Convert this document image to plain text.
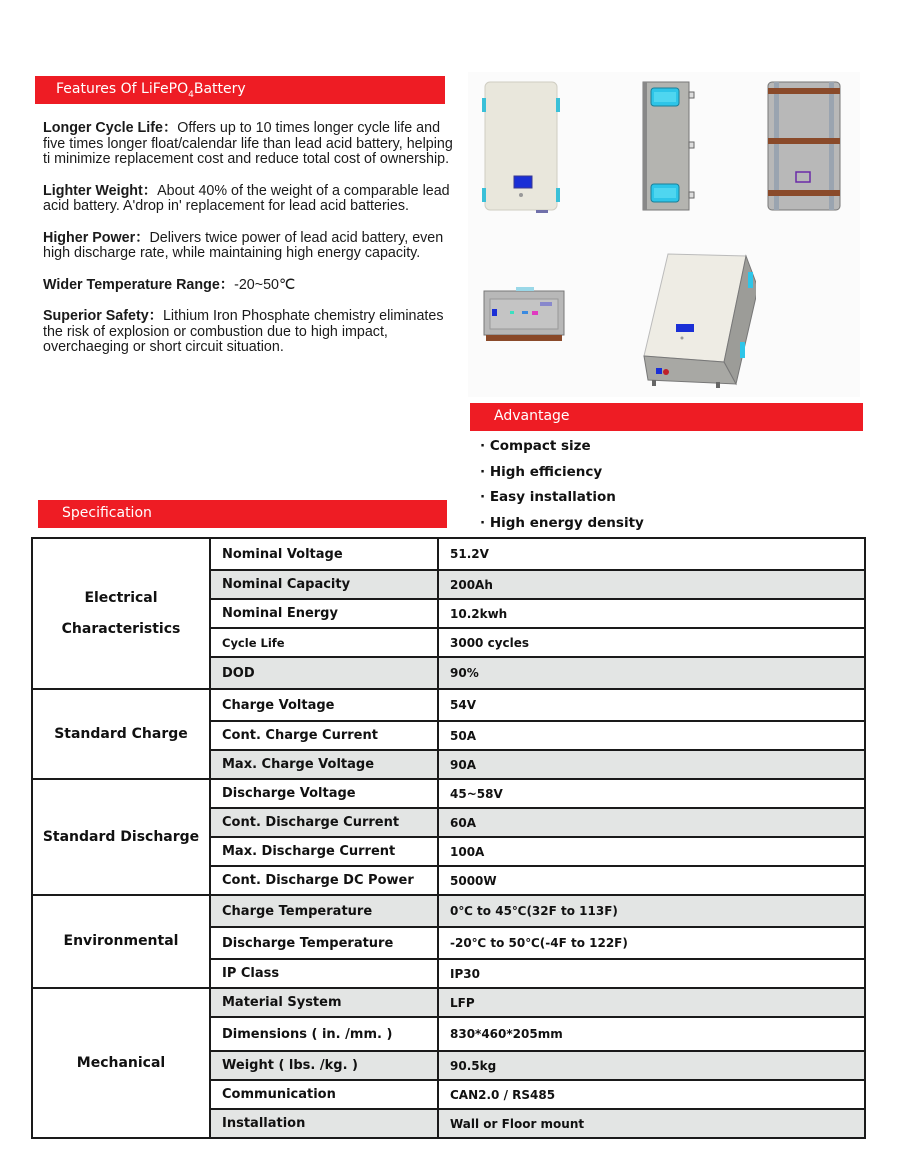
Features Of LiFePO$_4$Battery
Longer Cycle Life：Offers up to 10 times longer cycle life and five times longer float/calendar life than lead acid battery, helping ti minimize replacement cost and reduce total cost of ownership.
Lighter Weight：About 40% of the weight of a comparable lead acid battery. A'drop in' replacement for lead acid batteries.
Higher Power：Delivers twice power of lead acid battery, even high discharge rate, while maintaining high energy capacity.
Wider Temperature Range：-20~50℃
Superior Safety：Lithium Iron Phosphate chemistry eliminates the risk of explosion or combustion due to high impact, overchaeging or short circuit situation.
Advantage
· Compact size
· High efficiency
· Easy installation
· High energy density
Specification
Electrical
Characteristics	Nominal Voltage	51.2V
	Nominal Capacity	200Ah
	Nominal Energy	10.2kwh
	Cycle Life	3000 cycles
	DOD	90%

Standard Charge	Charge Voltage	54V
	Cont. Charge Current	50A
	Max. Charge Voltage	90A

Standard Discharge	Discharge Voltage	45~58V
	Cont. Discharge Current	60A
	Max. Discharge Current	100A
	Cont. Discharge DC Power	5000W

Environmental	Charge Temperature	0℃ to 45℃(32F to 113F)
	Discharge Temperature	-20℃ to 50℃(-4F to 122F)
	IP Class	IP30

Mechanical	Material System	LFP
	Dimensions ( in. /mm. )	830*460*205mm
	Weight ( lbs. /kg. )	90.5kg
	Communication	CAN2.0 / RS485
	Installation	Wall or Floor mount
